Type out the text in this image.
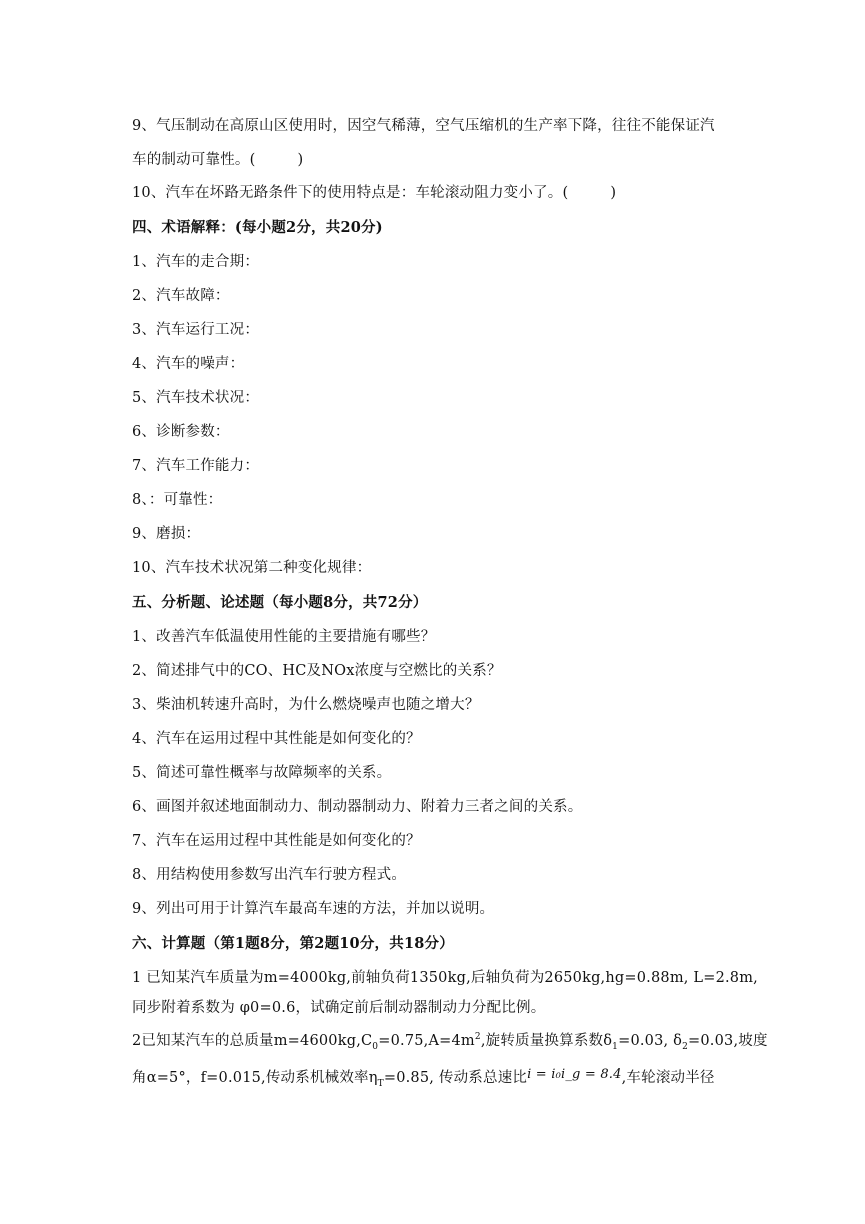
9、气压制动在高原山区使用时，因空气稀薄，空气压缩机的生产率下降，往往不能保证汽
车的制动可靠性。(	)
10、汽车在坏路无路条件下的使用特点是：车轮滚动阻力变小了。(	)
四、术语解释：(每小题2分，共20分)
1、汽车的走合期：
2、汽车故障：
3、汽车运行工况：
4、汽车的噪声：
5、汽车技术状况：
6、诊断参数：
7、汽车工作能力：
8、：可靠性：
9、磨损：
10、汽车技术状况第二种变化规律：
五、分析题、论述题（每小题8分，共72分）
1、改善汽车低温使用性能的主要措施有哪些？
2、简述排气中的CO、HC及NOx浓度与空燃比的关系？
3、柴油机转速升高时，为什么燃烧噪声也随之增大？
4、汽车在运用过程中其性能是如何变化的？
5、简述可靠性概率与故障频率的关系。
6、画图并叙述地面制动力、制动器制动力、附着力三者之间的关系。
7、汽车在运用过程中其性能是如何变化的？
8、用结构使用参数写出汽车行驶方程式。
9、列出可用于计算汽车最高车速的方法，并加以说明。
六、计算题（第1题8分，第2题10分，共18分）
1 已知某汽车质量为m=4000kg,前轴负荷1350kg,后轴负荷为2650kg,hg=0.88m, L=2.8m,
同步附着系数为 φ0=0.6，试确定前后制动器制动力分配比例。
2已知某汽车的总质量$m=4600kg,C_0=0.75,A=4m^2$,旋转质量换算系数$\delta_1=0.03$, $\delta_2=0.03$,坡度
角α=5°，f=0.015,传动系机械效率$\eta_T=0.85$, 传动系总速比i = i₀i_g = 8.4,车轮滚动半径
